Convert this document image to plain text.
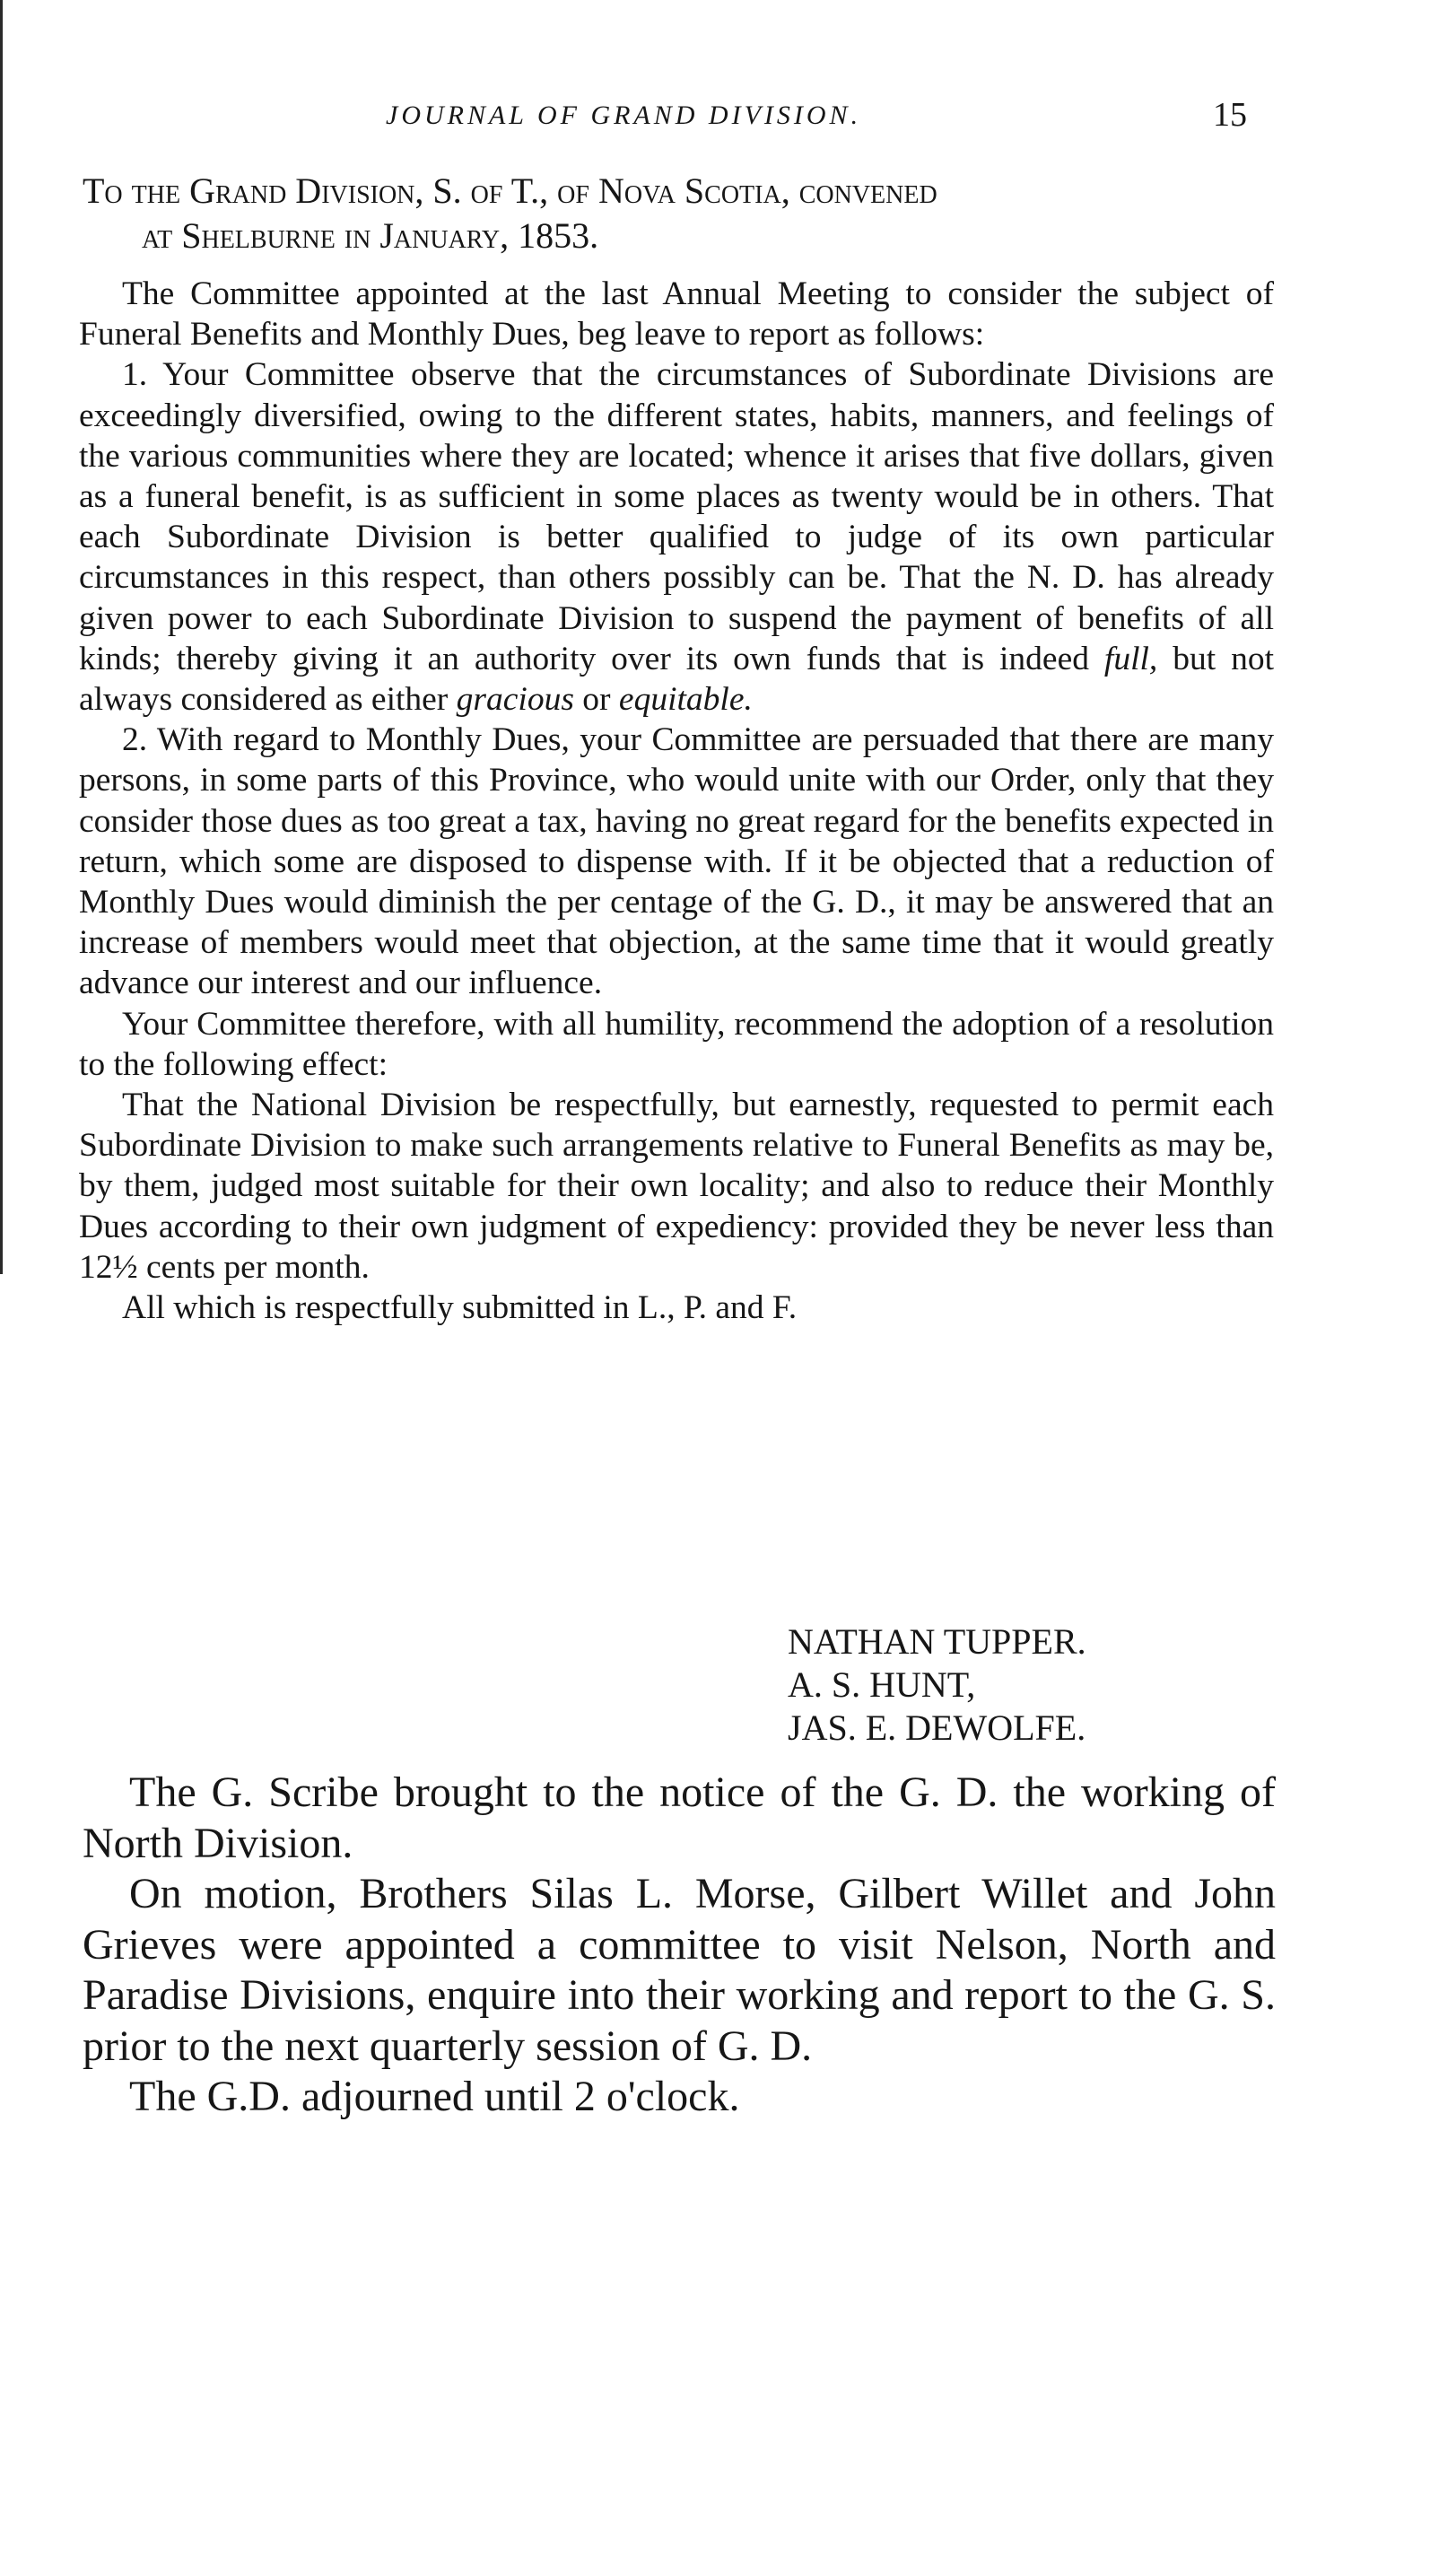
JOURNAL OF GRAND DIVISION.	15
To the Grand Division, S. of T., of Nova Scotia, convened
at Shelburne in January, 1853.

The Committee appointed at the last Annual Meeting to consider the subject of Funeral Benefits and Monthly Dues, beg leave to report as follows:

1. Your Committee observe that the circumstances of Subordinate Divisions are exceedingly diversified, owing to the different states, habits, manners, and feelings of the various communities where they are located; whence it arises that five dollars, given as a funeral benefit, is as sufficient in some places as twenty would be in others. That each Subordinate Division is better qualified to judge of its own particular circumstances in this respect, than others possibly can be. That the N. D. has already given power to each Subordinate Division to suspend the payment of benefits of all kinds; thereby giving it an authority over its own funds that is indeed full, but not always considered as either gracious or equitable.

2. With regard to Monthly Dues, your Committee are persuaded that there are many persons, in some parts of this Province, who would unite with our Order, only that they consider those dues as too great a tax, having no great regard for the benefits expected in return, which some are disposed to dispense with. If it be objected that a reduction of Monthly Dues would diminish the per centage of the G. D., it may be answered that an increase of members would meet that objection, at the same time that it would greatly advance our interest and our influence.

Your Committee therefore, with all humility, recommend the adoption of a resolution to the following effect:

That the National Division be respectfully, but earnestly, requested to permit each Subordinate Division to make such arrangements relative to Funeral Benefits as may be, by them, judged most suitable for their own locality; and also to reduce their Monthly Dues according to their own judgment of expediency: provided they be never less than 12½ cents per month.

All which is respectfully submitted in L., P. and F.

NATHAN TUPPER.
A. S. HUNT,
JAS. E. DEWOLFE.

The G. Scribe brought to the notice of the G. D. the working of North Division.

On motion, Brothers Silas L. Morse, Gilbert Willet and John Grieves were appointed a committee to visit Nelson, North and Paradise Divisions, enquire into their working and report to the G. S. prior to the next quarterly session of G. D.

The G.D. adjourned until 2 o'clock.
